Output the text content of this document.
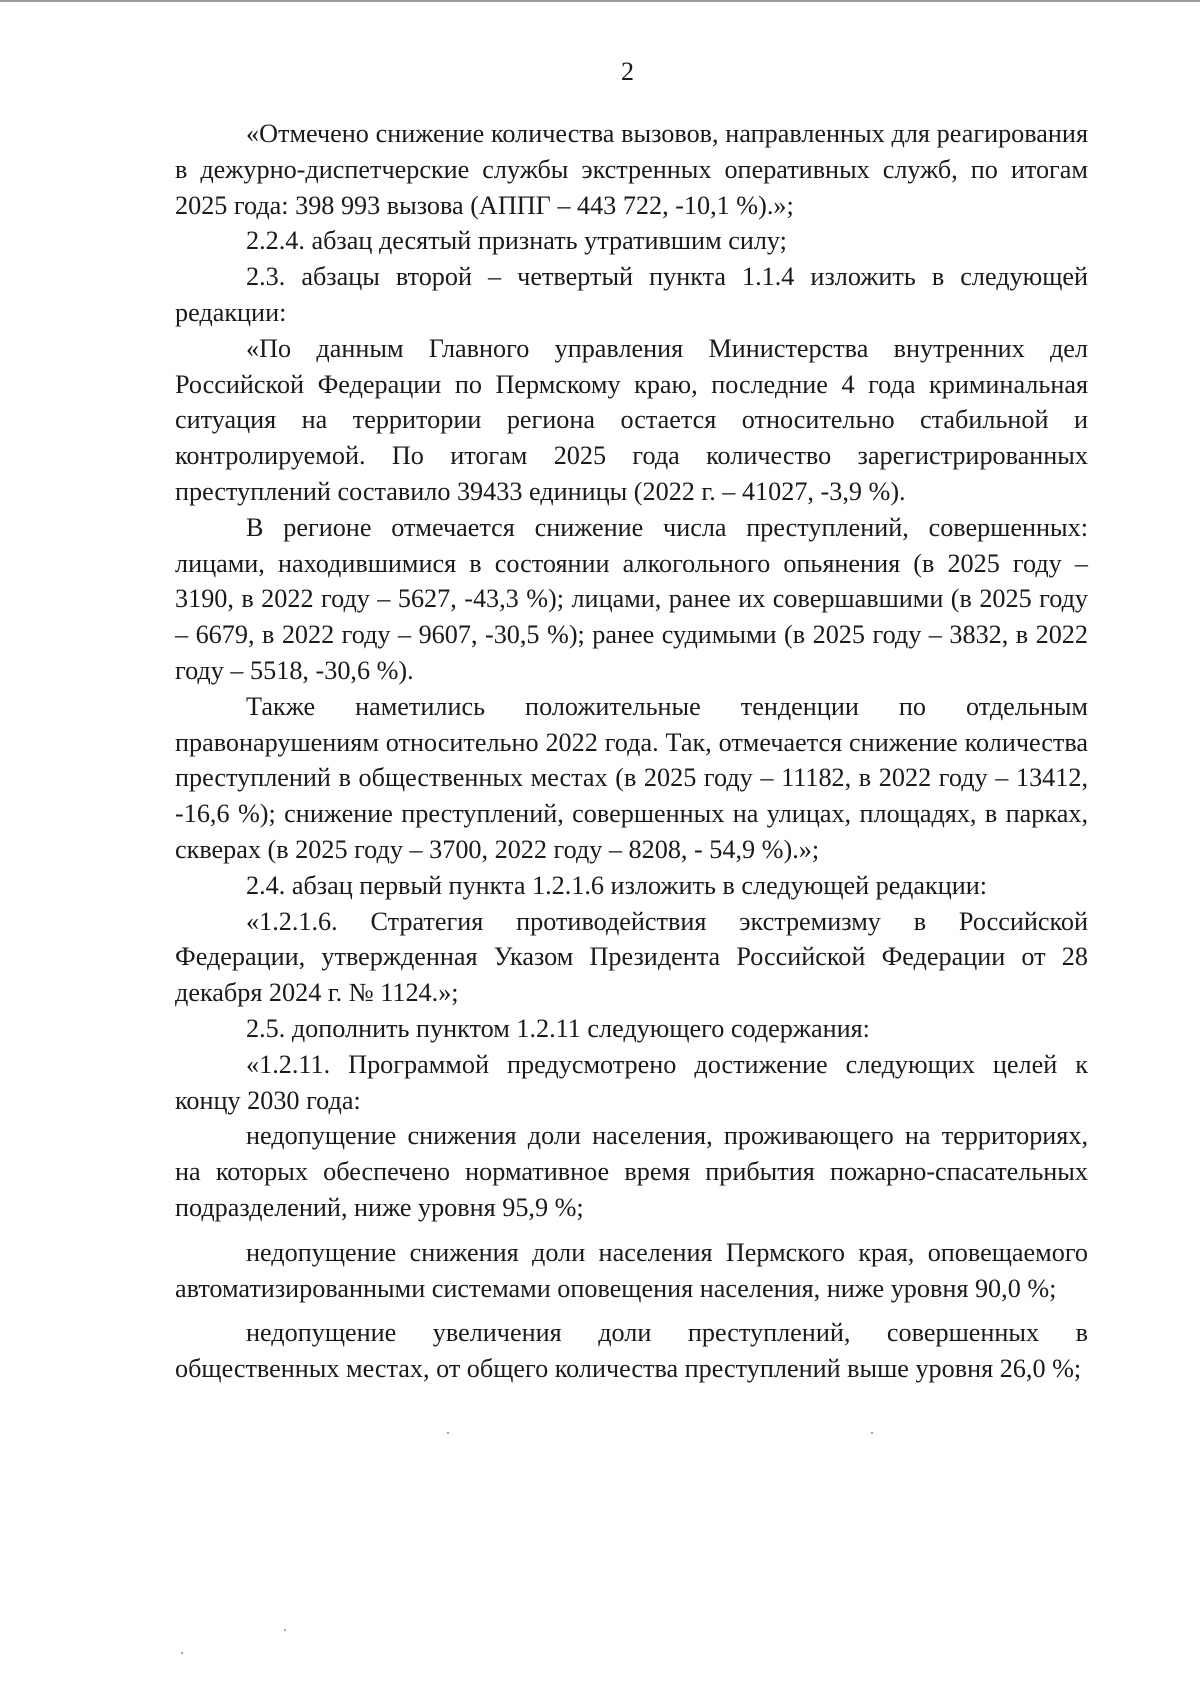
2

«Отмечено снижение количества вызовов, направленных для реагирования в дежурно-диспетчерские службы экстренных оперативных служб, по итогам 2025 года: 398 993 вызова (АППГ – 443 722, -10,1 %).»;

2.2.4. абзац десятый признать утратившим силу;

2.3. абзацы второй – четвертый пункта 1.1.4 изложить в следующей редакции:

«По данным Главного управления Министерства внутренних дел Российской Федерации по Пермскому краю, последние 4 года криминальная ситуация на территории региона остается относительно стабильной и контролируемой. По итогам 2025 года количество зарегистрированных преступлений составило 39433 единицы (2022 г. – 41027, -3,9 %).

В регионе отмечается снижение числа преступлений, совершенных: лицами, находившимися в состоянии алкогольного опьянения (в 2025 году – 3190, в 2022 году – 5627, -43,3 %); лицами, ранее их совершавшими (в 2025 году – 6679, в 2022 году – 9607, -30,5 %); ранее судимыми (в 2025 году – 3832, в 2022 году – 5518, -30,6 %).

Также наметились положительные тенденции по отдельным правонарушениям относительно 2022 года. Так, отмечается снижение количества преступлений в общественных местах (в 2025 году – 11182, в 2022 году – 13412, -16,6 %); снижение преступлений, совершенных на улицах, площадях, в парках, скверах (в 2025 году – 3700, 2022 году – 8208, - 54,9 %).»;

2.4. абзац первый пункта 1.2.1.6 изложить в следующей редакции:

«1.2.1.6. Стратегия противодействия экстремизму в Российской Федерации, утвержденная Указом Президента Российской Федерации от 28 декабря 2024 г. № 1124.»;

2.5. дополнить пунктом 1.2.11 следующего содержания:

«1.2.11. Программой предусмотрено достижение следующих целей к концу 2030 года:

недопущение снижения доли населения, проживающего на территориях, на которых обеспечено нормативное время прибытия пожарно-спасательных подразделений, ниже уровня 95,9 %;

недопущение снижения доли населения Пермского края, оповещаемого автоматизированными системами оповещения населения, ниже уровня 90,0 %;

недопущение увеличения доли преступлений, совершенных в общественных местах, от общего количества преступлений выше уровня 26,0 %;
